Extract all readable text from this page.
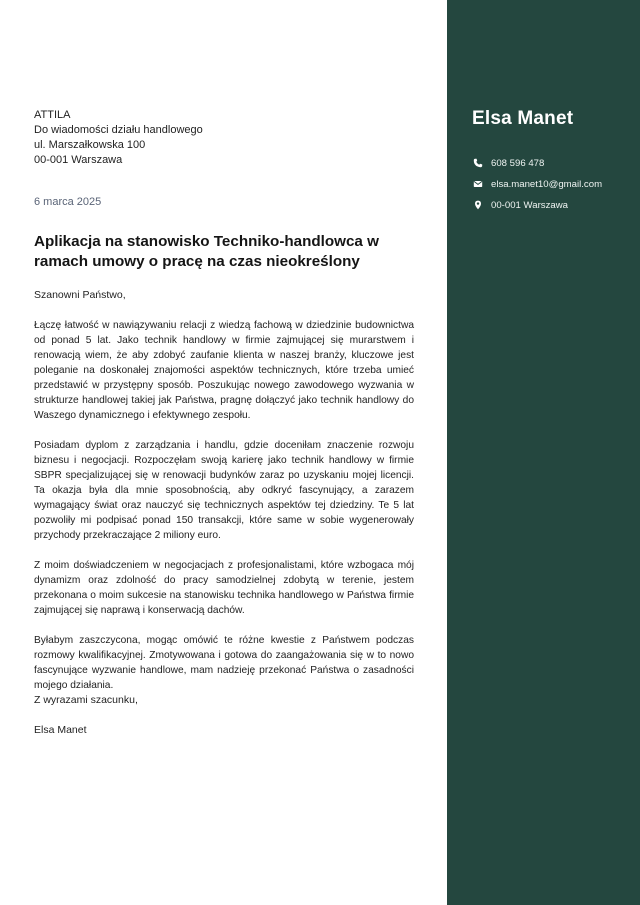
ATTILA
Do wiadomości działu handlowego
ul. Marszałkowska 100
00-001 Warszawa
6 marca 2025
Aplikacja na stanowisko Techniko-handlowca w ramach umowy o pracę na czas nieokreślony
Szanowni Państwo,
Łączę łatwość w nawiązywaniu relacji z wiedzą fachową w dziedzinie budownictwa od ponad 5 lat. Jako technik handlowy w firmie zajmującej się murarstwem i renowacją wiem, że aby zdobyć zaufanie klienta w naszej branży, kluczowe jest poleganie na doskonałej znajomości aspektów technicznych, które trzeba umieć przedstawić w przystępny sposób. Poszukując nowego zawodowego wyzwania w strukturze handlowej takiej jak Państwa, pragnę dołączyć jako technik handlowy do Waszego dynamicznego i efektywnego zespołu.
Posiadam dyplom z zarządzania i handlu, gdzie doceniłam znaczenie rozwoju biznesu i negocjacji. Rozpoczęłam swoją karierę jako technik handlowy w firmie SBPR specjalizującej się w renowacji budynków zaraz po uzyskaniu mojej licencji. Ta okazja była dla mnie sposobnością, aby odkryć fascynujący, a zarazem wymagający świat oraz nauczyć się technicznych aspektów tej dziedziny. Te 5 lat pozwoliły mi podpisać ponad 150 transakcji, które same w sobie wygenerowały przychody przekraczające 2 miliony euro.
Z moim doświadczeniem w negocjacjach z profesjonalistami, które wzbogaca mój dynamizm oraz zdolność do pracy samodzielnej zdobytą w terenie, jestem przekonana o moim sukcesie na stanowisku technika handlowego w Państwa firmie zajmującej się naprawą i konserwacją dachów.
Byłabym zaszczycona, mogąc omówić te różne kwestie z Państwem podczas rozmowy kwalifikacyjnej. Zmotywowana i gotowa do zaangażowania się w to nowo fascynujące wyzwanie handlowe, mam nadzieję przekonać Państwa o zasadności mojego działania.
Z wyrazami szacunku,
Elsa Manet
Elsa Manet
608 596 478
elsa.manet10@gmail.com
00-001 Warszawa
